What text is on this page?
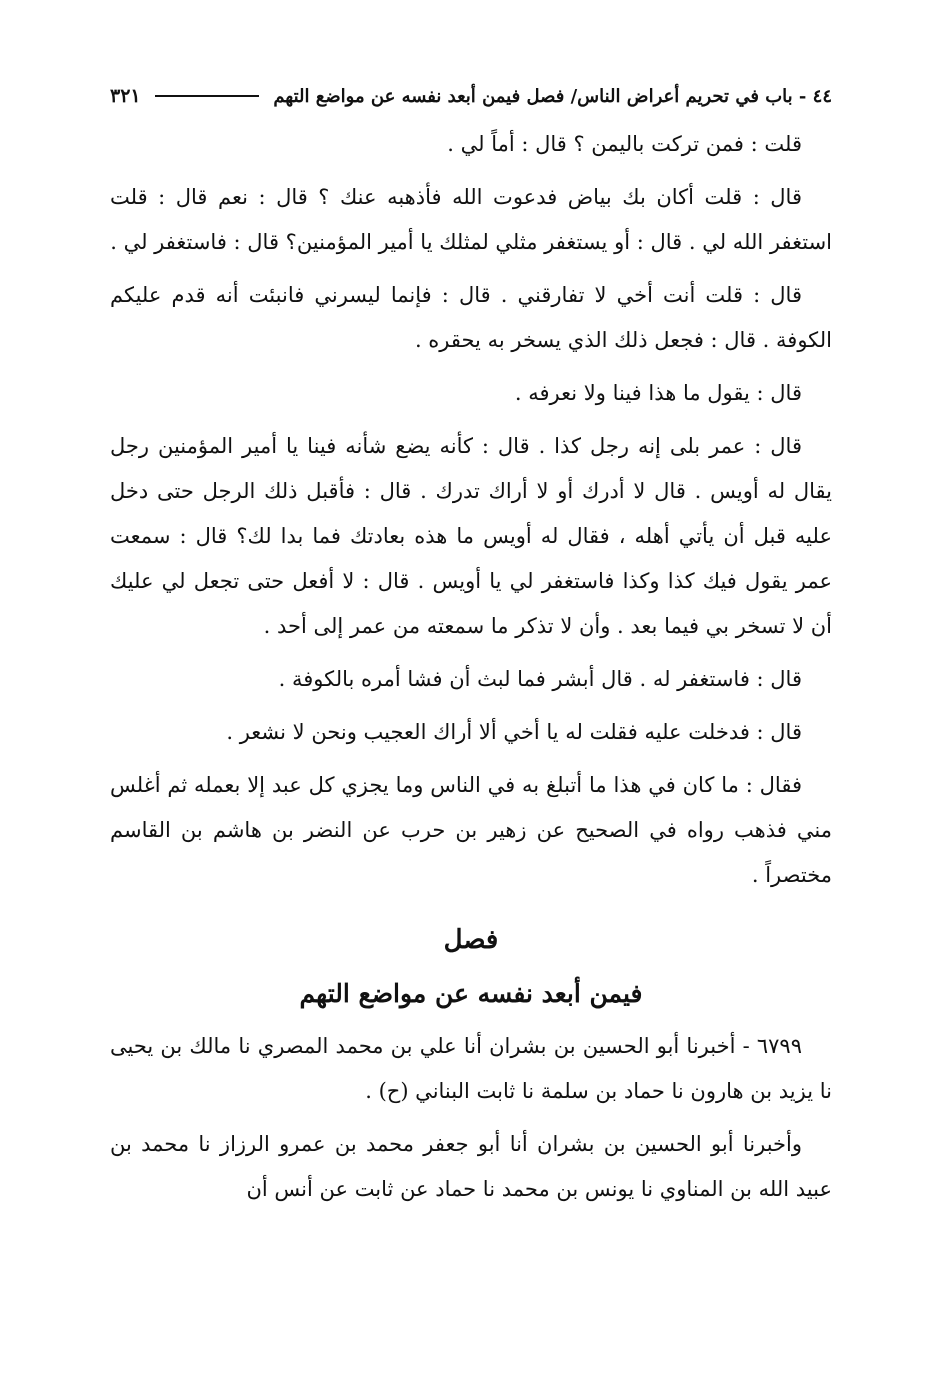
٤٤ - باب في تحريم أعراض الناس/ فصل فيمن أبعد نفسه عن مواضع التهم
٣٢١

قلت : فمن تركت باليمن ؟ قال : أماً لي .

قال : قلت أكان بك بياض فدعوت الله فأذهبه عنك ؟ قال : نعم قال : قلت استغفر الله لي . قال : أو يستغفر مثلي لمثلك يا أمير المؤمنين؟ قال : فاستغفر لي .

قال : قلت أنت أخي لا تفارقني . قال : فإنما ليسرني فانبئت أنه قدم عليكم الكوفة . قال : فجعل ذلك الذي يسخر به يحقره .

قال : يقول ما هذا فينا ولا نعرفه .

قال : عمر بلى إنه رجل كذا . قال : كأنه يضع شأنه فينا يا أمير المؤمنين رجل يقال له أويس . قال لا أدرك أو لا أراك تدرك . قال : فأقبل ذلك الرجل حتى دخل عليه قبل أن يأتي أهله ، فقال له أويس ما هذه بعادتك فما بدا لك؟ قال : سمعت عمر يقول فيك كذا وكذا فاستغفر لي يا أويس . قال : لا أفعل حتى تجعل لي عليك أن لا تسخر بي فيما بعد . وأن لا تذكر ما سمعته من عمر إلى أحد .

قال : فاستغفر له . قال أبشر فما لبث أن فشا أمره بالكوفة .

قال : فدخلت عليه فقلت له يا أخي ألا أراك العجيب ونحن لا نشعر .

فقال : ما كان في هذا ما أتبلغ به في الناس وما يجزي كل عبد إلا بعمله ثم أغلس مني فذهب رواه في الصحيح عن زهير بن حرب عن النضر بن هاشم بن القاسم مختصراً .

فصل
فيمن أبعد نفسه عن مواضع التهم

٦٧٩٩ - أخبرنا أبو الحسين بن بشران أنا علي بن محمد المصري نا مالك بن يحيى نا يزيد بن هارون نا حماد بن سلمة نا ثابت البناني (ح) .

وأخبرنا أبو الحسين بن بشران أنا أبو جعفر محمد بن عمرو الرزاز نا محمد بن عبيد الله بن المناوي نا يونس بن محمد نا حماد عن ثابت عن أنس أن
